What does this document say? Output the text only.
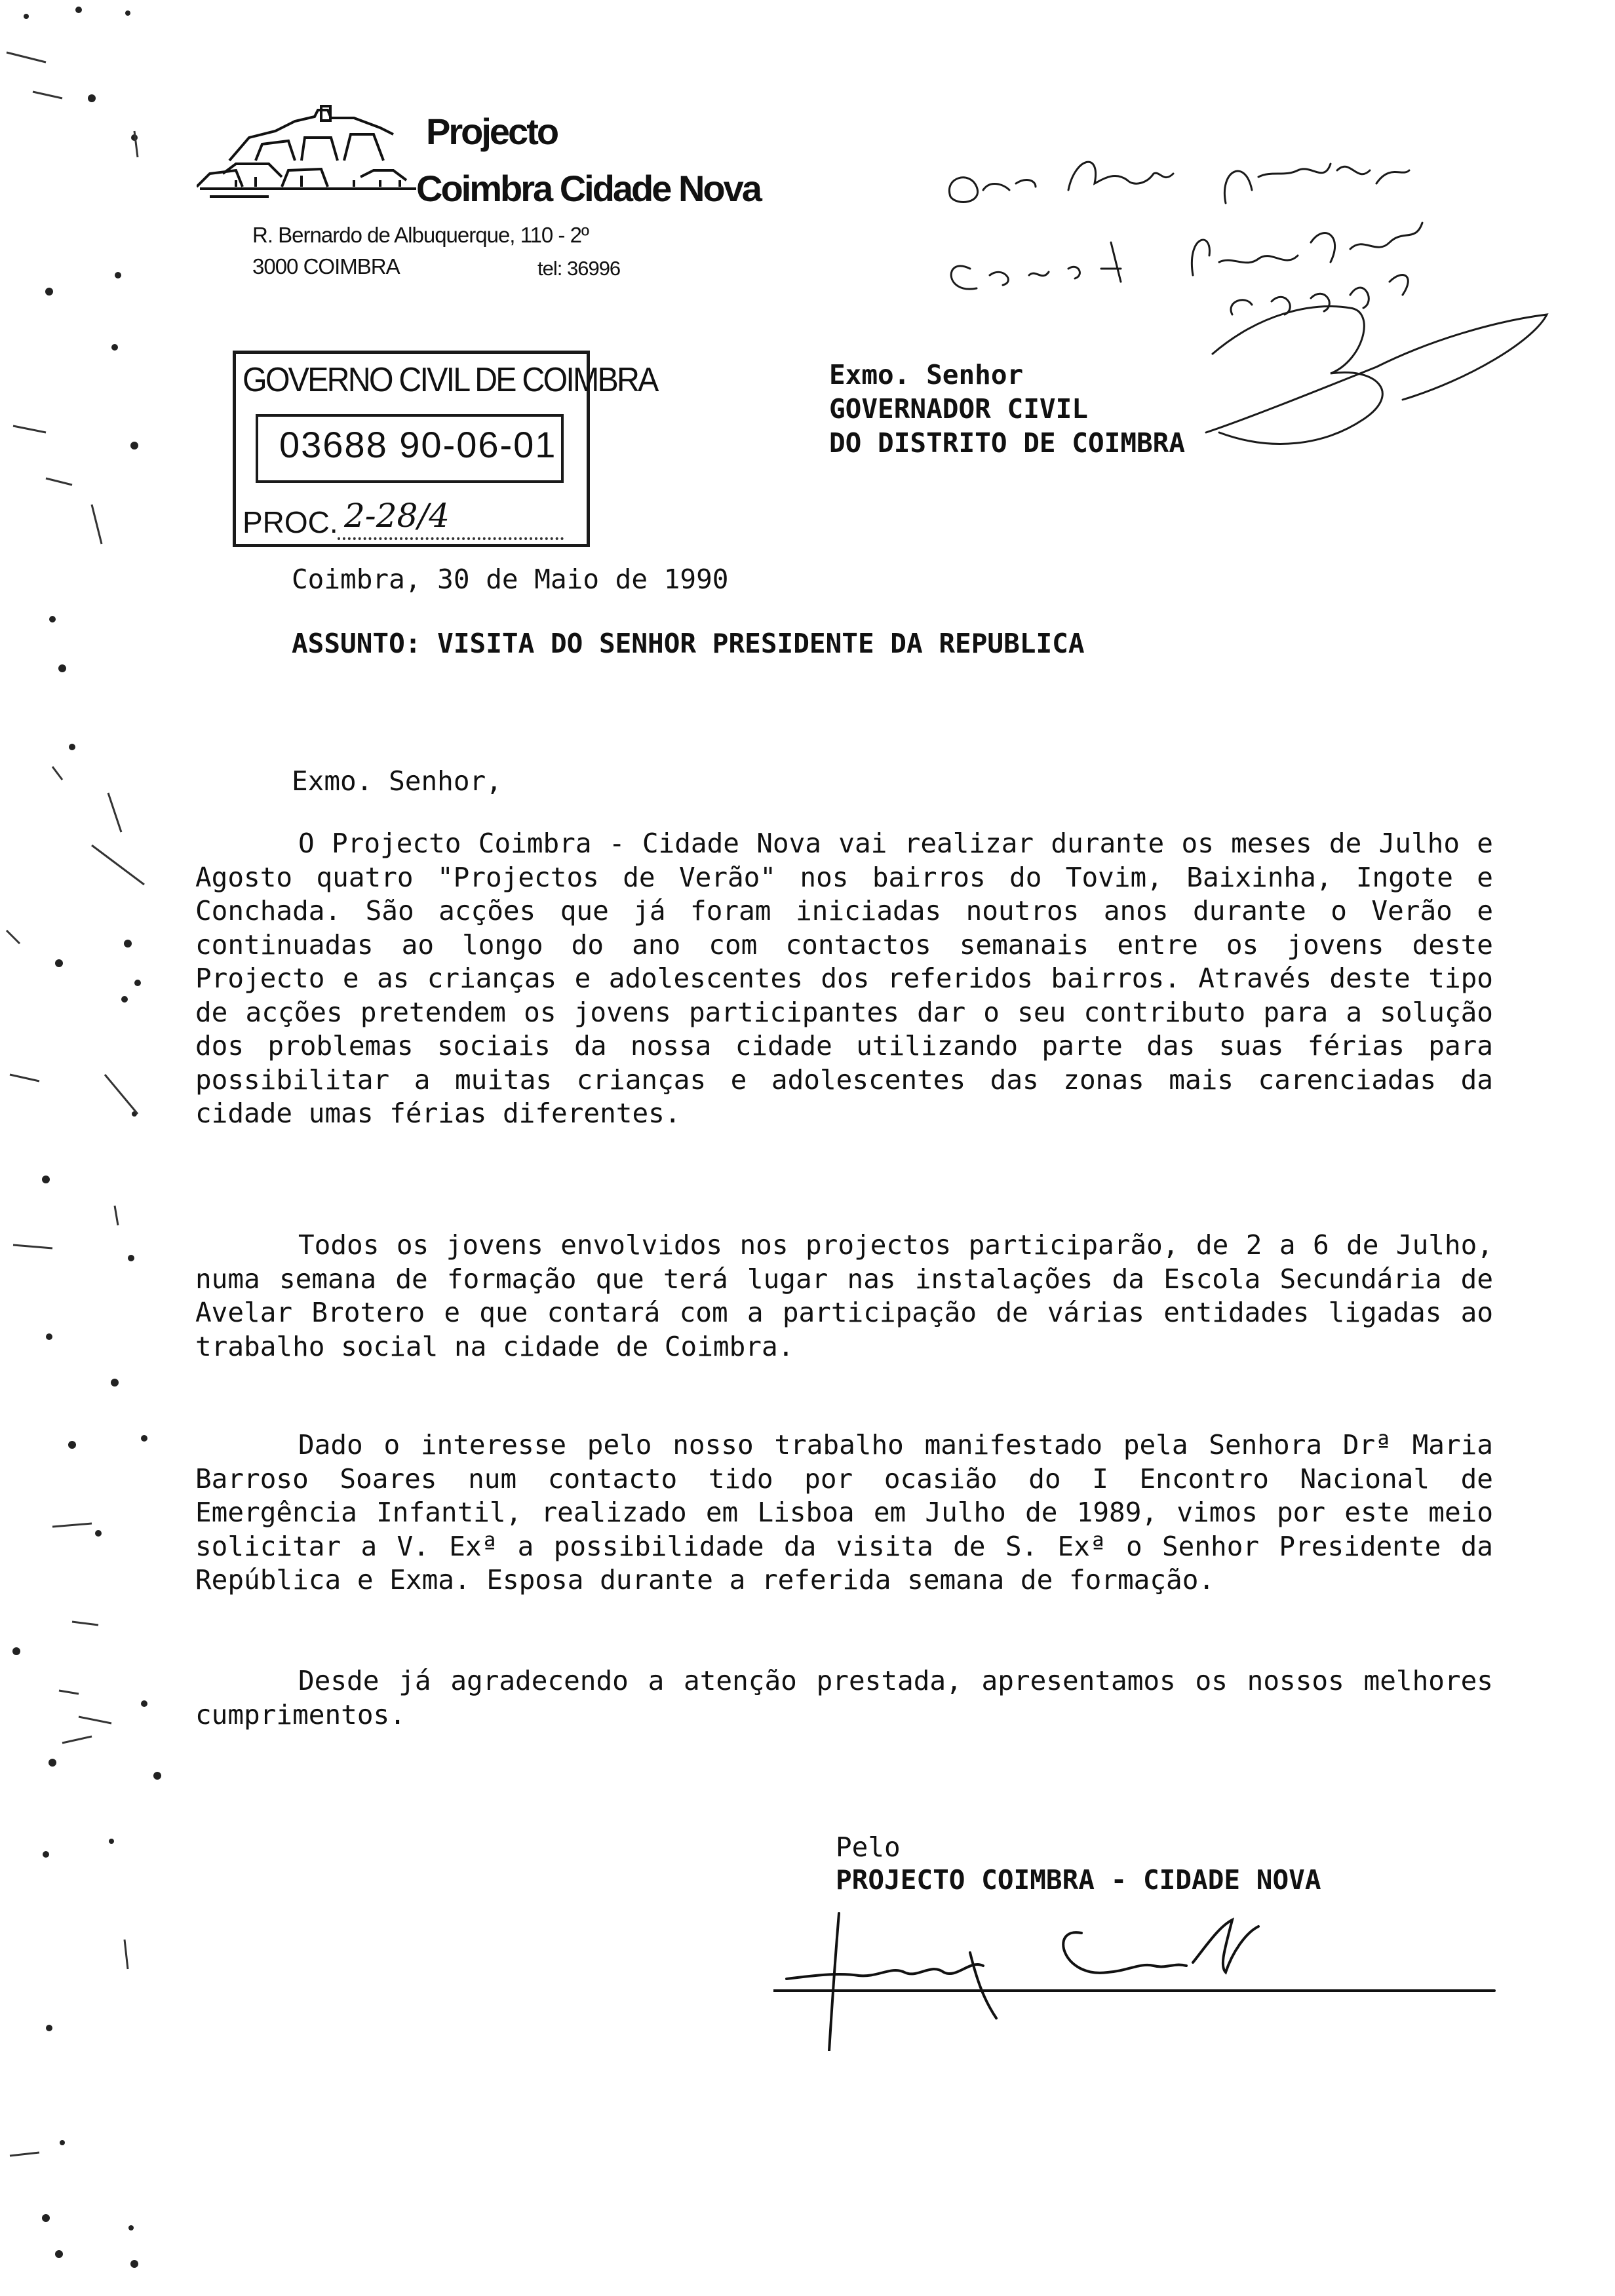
Projecto
Coimbra Cidade Nova
R. Bernardo de Albuquerque, 110 - 2º
3000 COIMBRA	tel: 36996
GOVERNO CIVIL DE COIMBRA
03688 90-06-01
PROC. 2-28/4
Exmo. Senhor
GOVERNADOR CIVIL
DO DISTRITO DE COIMBRA
Coimbra, 30 de Maio de 1990
ASSUNTO: VISITA DO SENHOR PRESIDENTE DA REPUBLICA
Exmo. Senhor,
O Projecto Coimbra - Cidade Nova vai realizar durante os meses de Julho e Agosto quatro "Projectos de Verão" nos bairros do Tovim, Baixinha, Ingote e Conchada. São acções que já foram iniciadas noutros anos durante o Verão e continuadas ao longo do ano com contactos semanais entre os jovens deste Projecto e as crianças e adolescentes dos referidos bairros. Através deste tipo de acções pretendem os jovens participantes dar o seu contributo para a solução dos problemas sociais da nossa cidade utilizando parte das suas férias para possibilitar a muitas crianças e adolescentes das zonas mais carenciadas da cidade umas férias diferentes.
Todos os jovens envolvidos nos projectos participarão, de 2 a 6 de Julho, numa semana de formação que terá lugar nas instalações da Escola Secundária de Avelar Brotero e que contará com a participação de várias entidades ligadas ao trabalho social na cidade de Coimbra.
Dado o interesse pelo nosso trabalho manifestado pela Senhora Drª Maria Barroso Soares num contacto tido por ocasião do I Encontro Nacional de Emergência Infantil, realizado em Lisboa em Julho de 1989, vimos por este meio solicitar a V. Exª a possibilidade da visita de S. Exª o Senhor Presidente da República e Exma. Esposa durante a referida semana de formação.
Desde já agradecendo a atenção prestada, apresentamos os nossos melhores cumprimentos.
Pelo
PROJECTO COIMBRA - CIDADE NOVA
